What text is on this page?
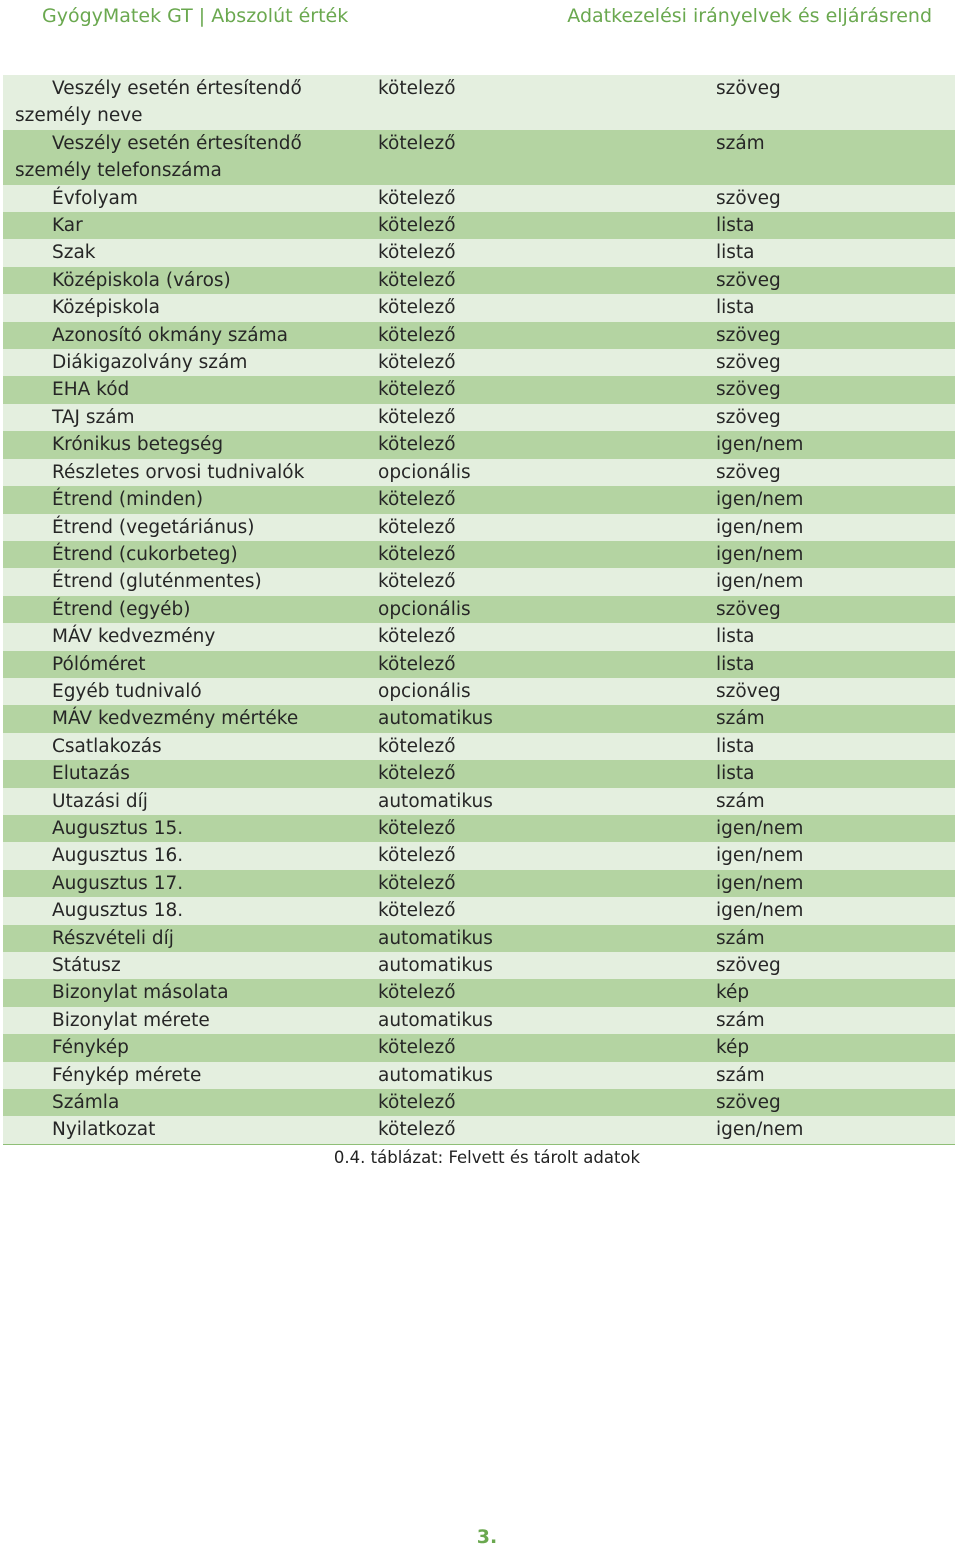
GyógyMatek GT | Abszolút érték	Adatkezelési irányelvek és eljárásrend
Veszély esetén értesítendő személy neve	kötelező	szöveg
Veszély esetén értesítendő személy telefonszáma	kötelező	szám
Évfolyam	kötelező	szöveg
Kar	kötelező	lista
Szak	kötelező	lista
Középiskola (város)	kötelező	szöveg
Középiskola	kötelező	lista
Azonosító okmány száma	kötelező	szöveg
Diákigazolvány szám	kötelező	szöveg
EHA kód	kötelező	szöveg
TAJ szám	kötelező	szöveg
Krónikus betegség	kötelező	igen/nem
Részletes orvosi tudnivalók	opcionális	szöveg
Étrend (minden)	kötelező	igen/nem
Étrend (vegetáriánus)	kötelező	igen/nem
Étrend (cukorbeteg)	kötelező	igen/nem
Étrend (gluténmentes)	kötelező	igen/nem
Étrend (egyéb)	opcionális	szöveg
MÁV kedvezmény	kötelező	lista
Pólóméret	kötelező	lista
Egyéb tudnivaló	opcionális	szöveg
MÁV kedvezmény mértéke	automatikus	szám
Csatlakozás	kötelező	lista
Elutazás	kötelező	lista
Utazási díj	automatikus	szám
Augusztus 15.	kötelező	igen/nem
Augusztus 16.	kötelező	igen/nem
Augusztus 17.	kötelező	igen/nem
Augusztus 18.	kötelező	igen/nem
Részvételi díj	automatikus	szám
Státusz	automatikus	szöveg
Bizonylat másolata	kötelező	kép
Bizonylat mérete	automatikus	szám
Fénykép	kötelező	kép
Fénykép mérete	automatikus	szám
Számla	kötelező	szöveg
Nyilatkozat	kötelező	igen/nem
0.4. táblázat: Felvett és tárolt adatok
3.
